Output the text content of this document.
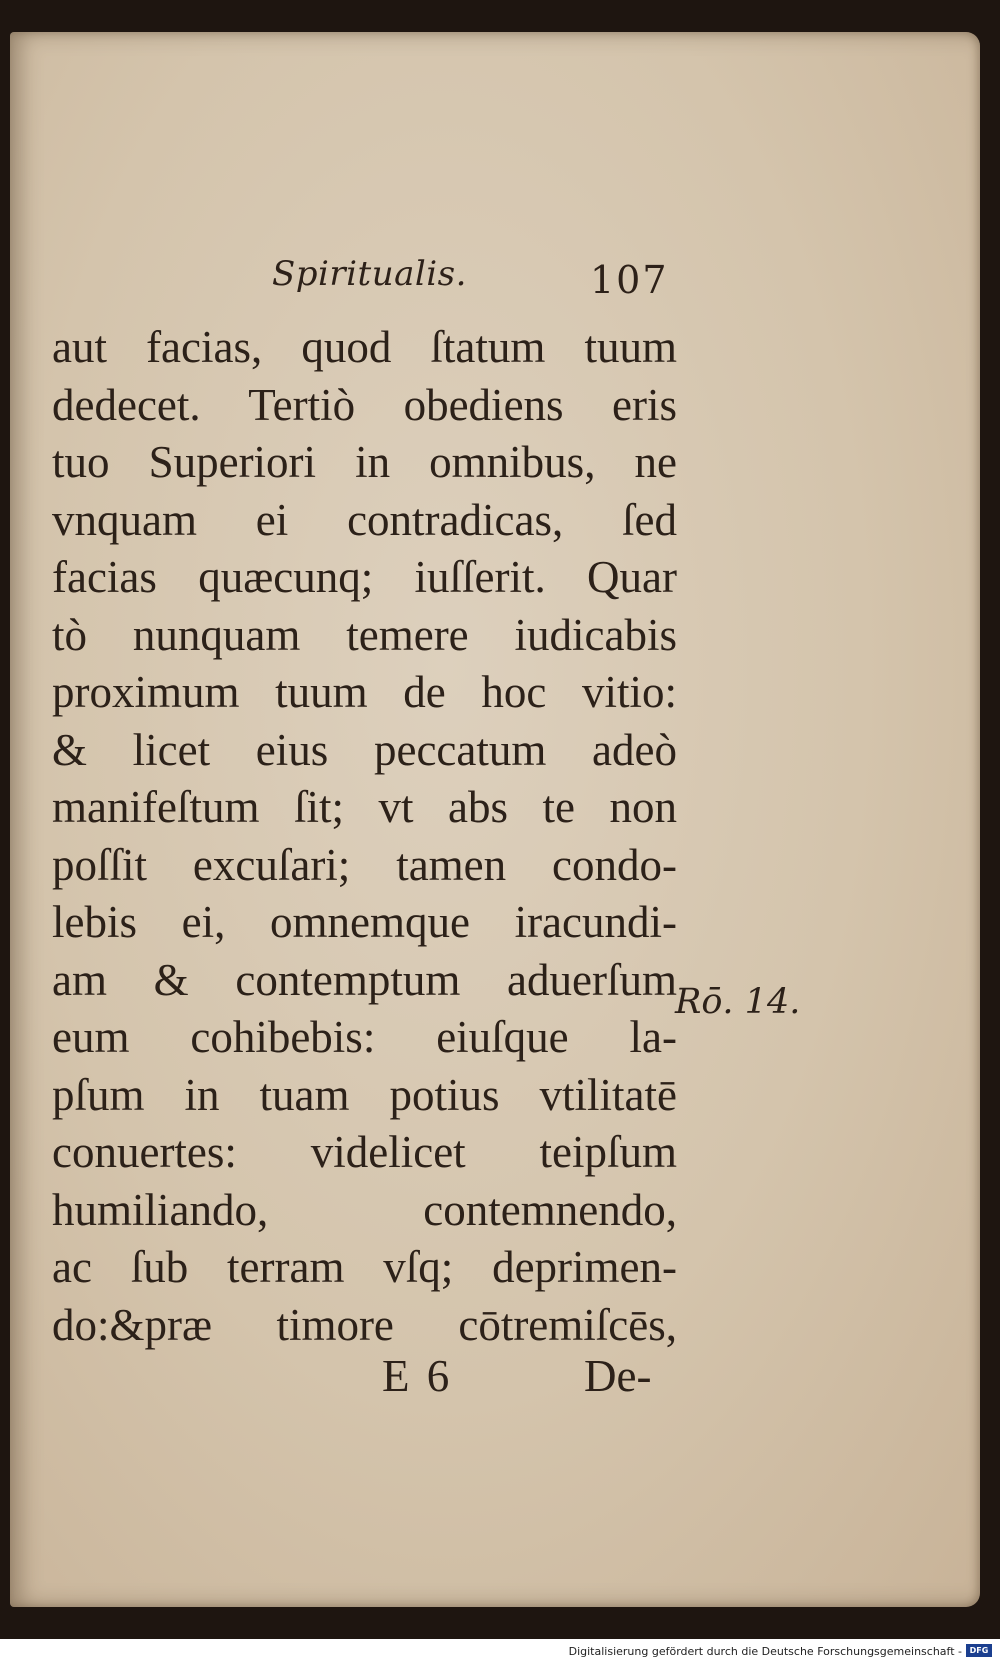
Spiritualis.	107
aut facias, quod ſtatum tuum
dedecet. Tertiò obediens eris
tuo Superiori in omnibus, ne
vnquam ei contradicas, ſed
facias quæcunq; iuſſerit. Quar
tò nunquam temere iudicabis
proximum tuum de hoc vitio:
& licet eius peccatum adeò
manifeſtum ſit; vt abs te non
poſſit excuſari; tamen condo-
lebis ei, omnemque iracundi-
am & contemptum aduerſum
eum cohibebis: eiuſque la-
pſum in tuam potius vtilitatē
conuertes: videlicet teipſum
humiliando, contemnendo,
ac ſub terram vſq; deprimen-
do:&præ timore cōtremiſcēs,
Rō. 14.
E 6	De-
Digitalisierung gefördert durch die Deutsche Forschungsgemeinschaft - DFG
